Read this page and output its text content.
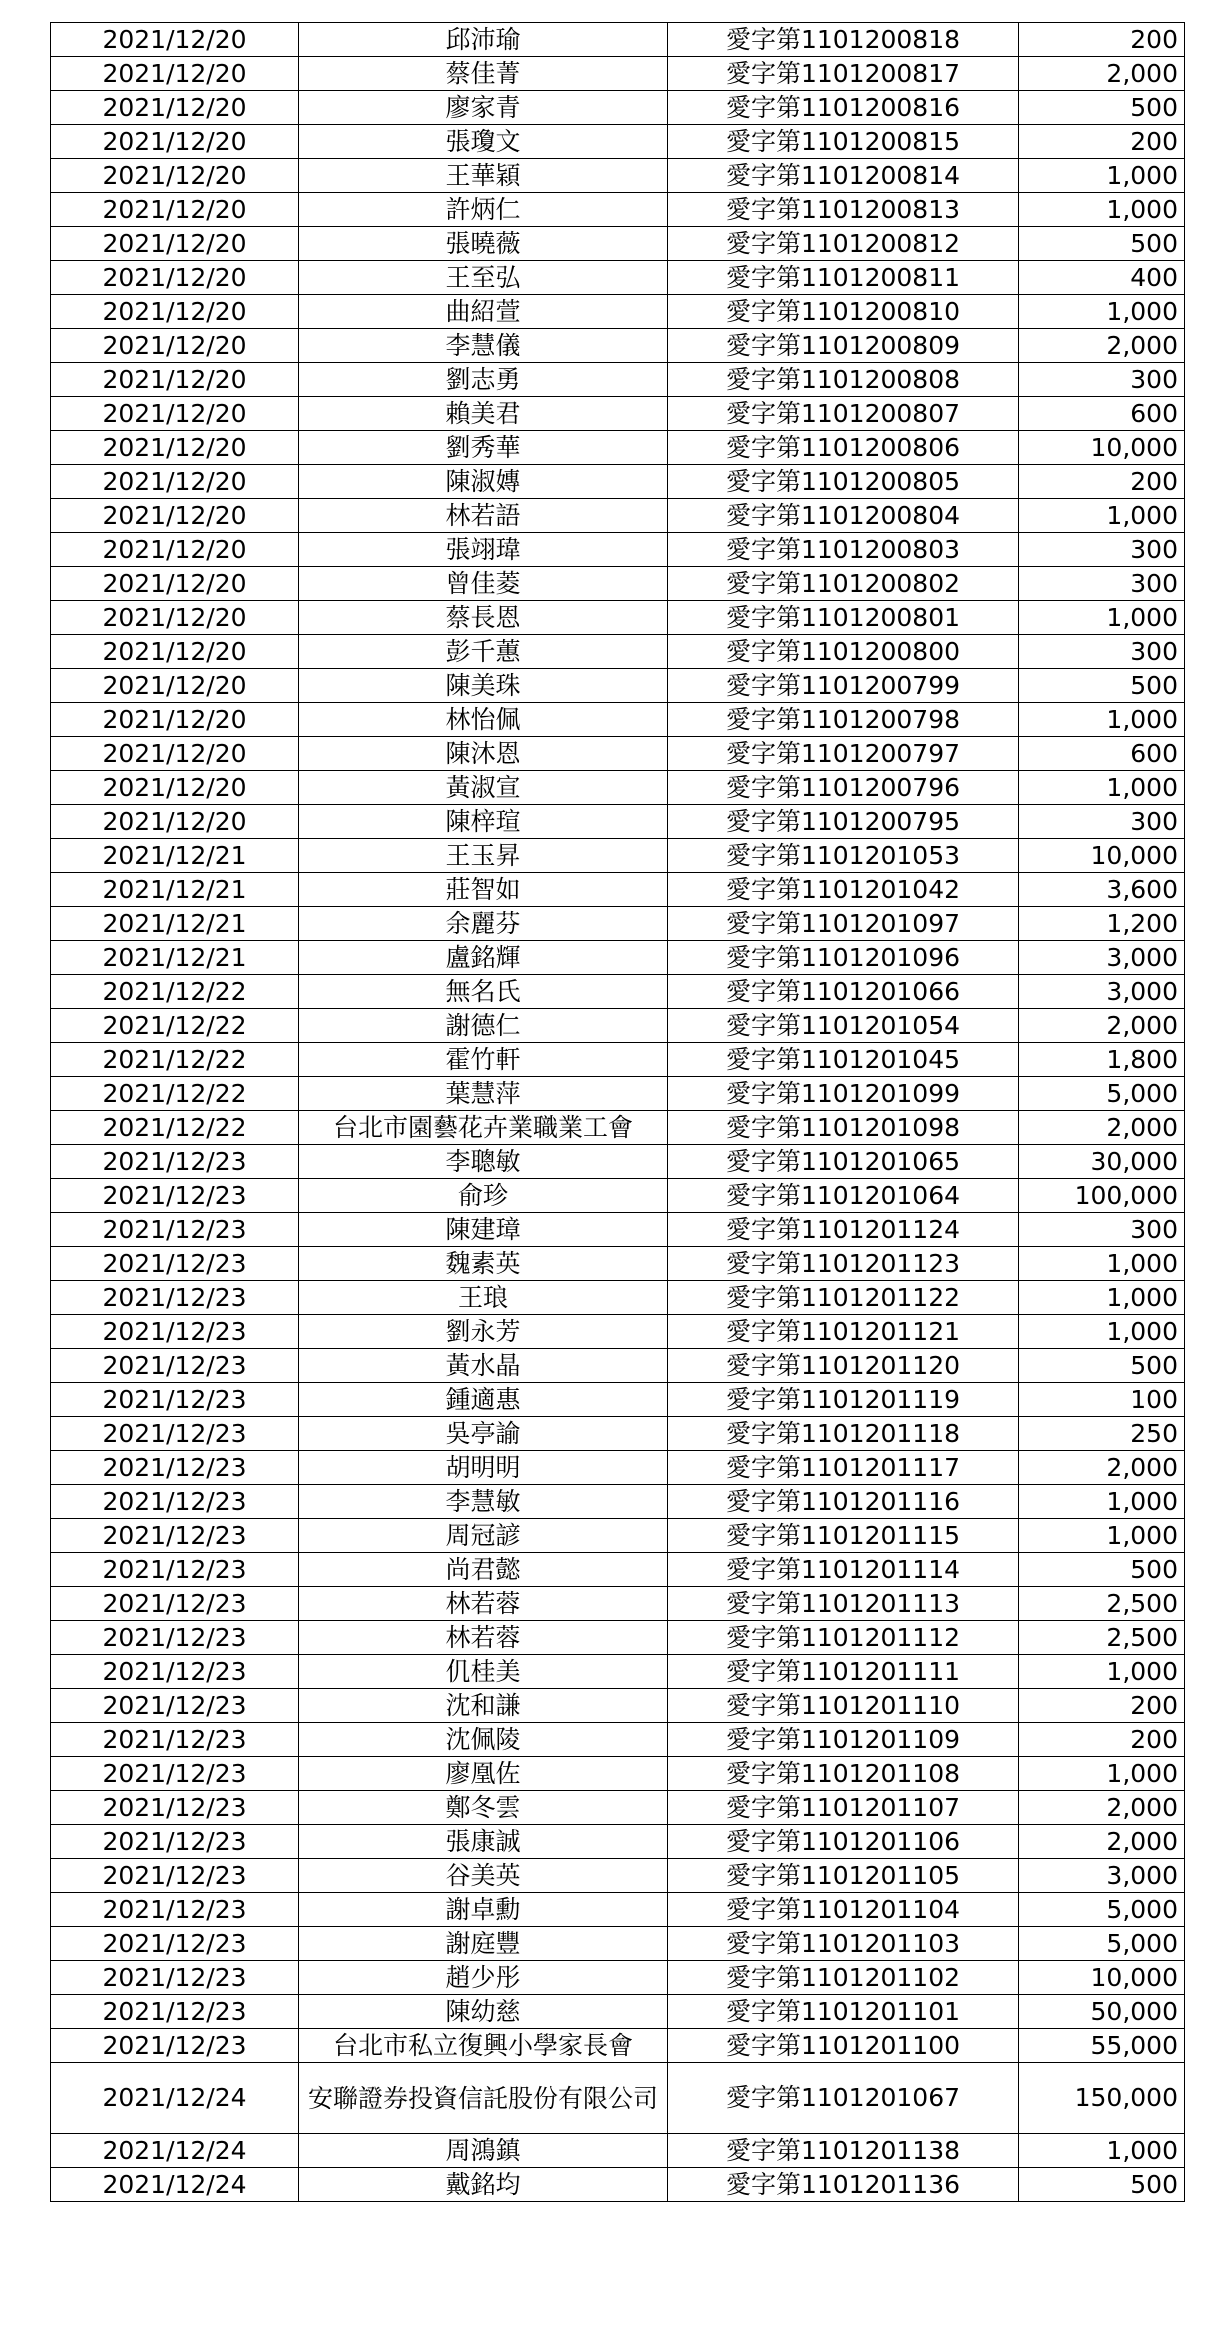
2021/12/20	邱沛瑜	愛字第1101200818	200
2021/12/20	蔡佳菁	愛字第1101200817	2,000
2021/12/20	廖家青	愛字第1101200816	500
2021/12/20	張瓊文	愛字第1101200815	200
2021/12/20	王華穎	愛字第1101200814	1,000
2021/12/20	許炳仁	愛字第1101200813	1,000
2021/12/20	張曉薇	愛字第1101200812	500
2021/12/20	王至弘	愛字第1101200811	400
2021/12/20	曲紹萱	愛字第1101200810	1,000
2021/12/20	李慧儀	愛字第1101200809	2,000
2021/12/20	劉志勇	愛字第1101200808	300
2021/12/20	賴美君	愛字第1101200807	600
2021/12/20	劉秀華	愛字第1101200806	10,000
2021/12/20	陳淑嫥	愛字第1101200805	200
2021/12/20	林若語	愛字第1101200804	1,000
2021/12/20	張翊瑋	愛字第1101200803	300
2021/12/20	曾佳菱	愛字第1101200802	300
2021/12/20	蔡長恩	愛字第1101200801	1,000
2021/12/20	彭千蕙	愛字第1101200800	300
2021/12/20	陳美珠	愛字第1101200799	500
2021/12/20	林怡佩	愛字第1101200798	1,000
2021/12/20	陳沐恩	愛字第1101200797	600
2021/12/20	黃淑宣	愛字第1101200796	1,000
2021/12/20	陳梓瑄	愛字第1101200795	300
2021/12/21	王玉昇	愛字第1101201053	10,000
2021/12/21	莊智如	愛字第1101201042	3,600
2021/12/21	余麗芬	愛字第1101201097	1,200
2021/12/21	盧銘輝	愛字第1101201096	3,000
2021/12/22	無名氏	愛字第1101201066	3,000
2021/12/22	謝德仁	愛字第1101201054	2,000
2021/12/22	霍竹軒	愛字第1101201045	1,800
2021/12/22	葉慧萍	愛字第1101201099	5,000
2021/12/22	台北市園藝花卉業職業工會	愛字第1101201098	2,000
2021/12/23	李聰敏	愛字第1101201065	30,000
2021/12/23	俞珍	愛字第1101201064	100,000
2021/12/23	陳建璋	愛字第1101201124	300
2021/12/23	魏素英	愛字第1101201123	1,000
2021/12/23	王琅	愛字第1101201122	1,000
2021/12/23	劉永芳	愛字第1101201121	1,000
2021/12/23	黃水晶	愛字第1101201120	500
2021/12/23	鍾適惠	愛字第1101201119	100
2021/12/23	吳亭諭	愛字第1101201118	250
2021/12/23	胡明明	愛字第1101201117	2,000
2021/12/23	李慧敏	愛字第1101201116	1,000
2021/12/23	周冠諺	愛字第1101201115	1,000
2021/12/23	尚君懿	愛字第1101201114	500
2021/12/23	林若蓉	愛字第1101201113	2,500
2021/12/23	林若蓉	愛字第1101201112	2,500
2021/12/23	仉桂美	愛字第1101201111	1,000
2021/12/23	沈和謙	愛字第1101201110	200
2021/12/23	沈佩陵	愛字第1101201109	200
2021/12/23	廖凰佐	愛字第1101201108	1,000
2021/12/23	鄭冬雲	愛字第1101201107	2,000
2021/12/23	張康誠	愛字第1101201106	2,000
2021/12/23	谷美英	愛字第1101201105	3,000
2021/12/23	謝卓勳	愛字第1101201104	5,000
2021/12/23	謝庭豐	愛字第1101201103	5,000
2021/12/23	趙少彤	愛字第1101201102	10,000
2021/12/23	陳幼慈	愛字第1101201101	50,000
2021/12/23	台北市私立復興小學家長會	愛字第1101201100	55,000
2021/12/24	安聯證券投資信託股份有限公司	愛字第1101201067	150,000
2021/12/24	周鴻鎮	愛字第1101201138	1,000
2021/12/24	戴銘均	愛字第1101201136	500
